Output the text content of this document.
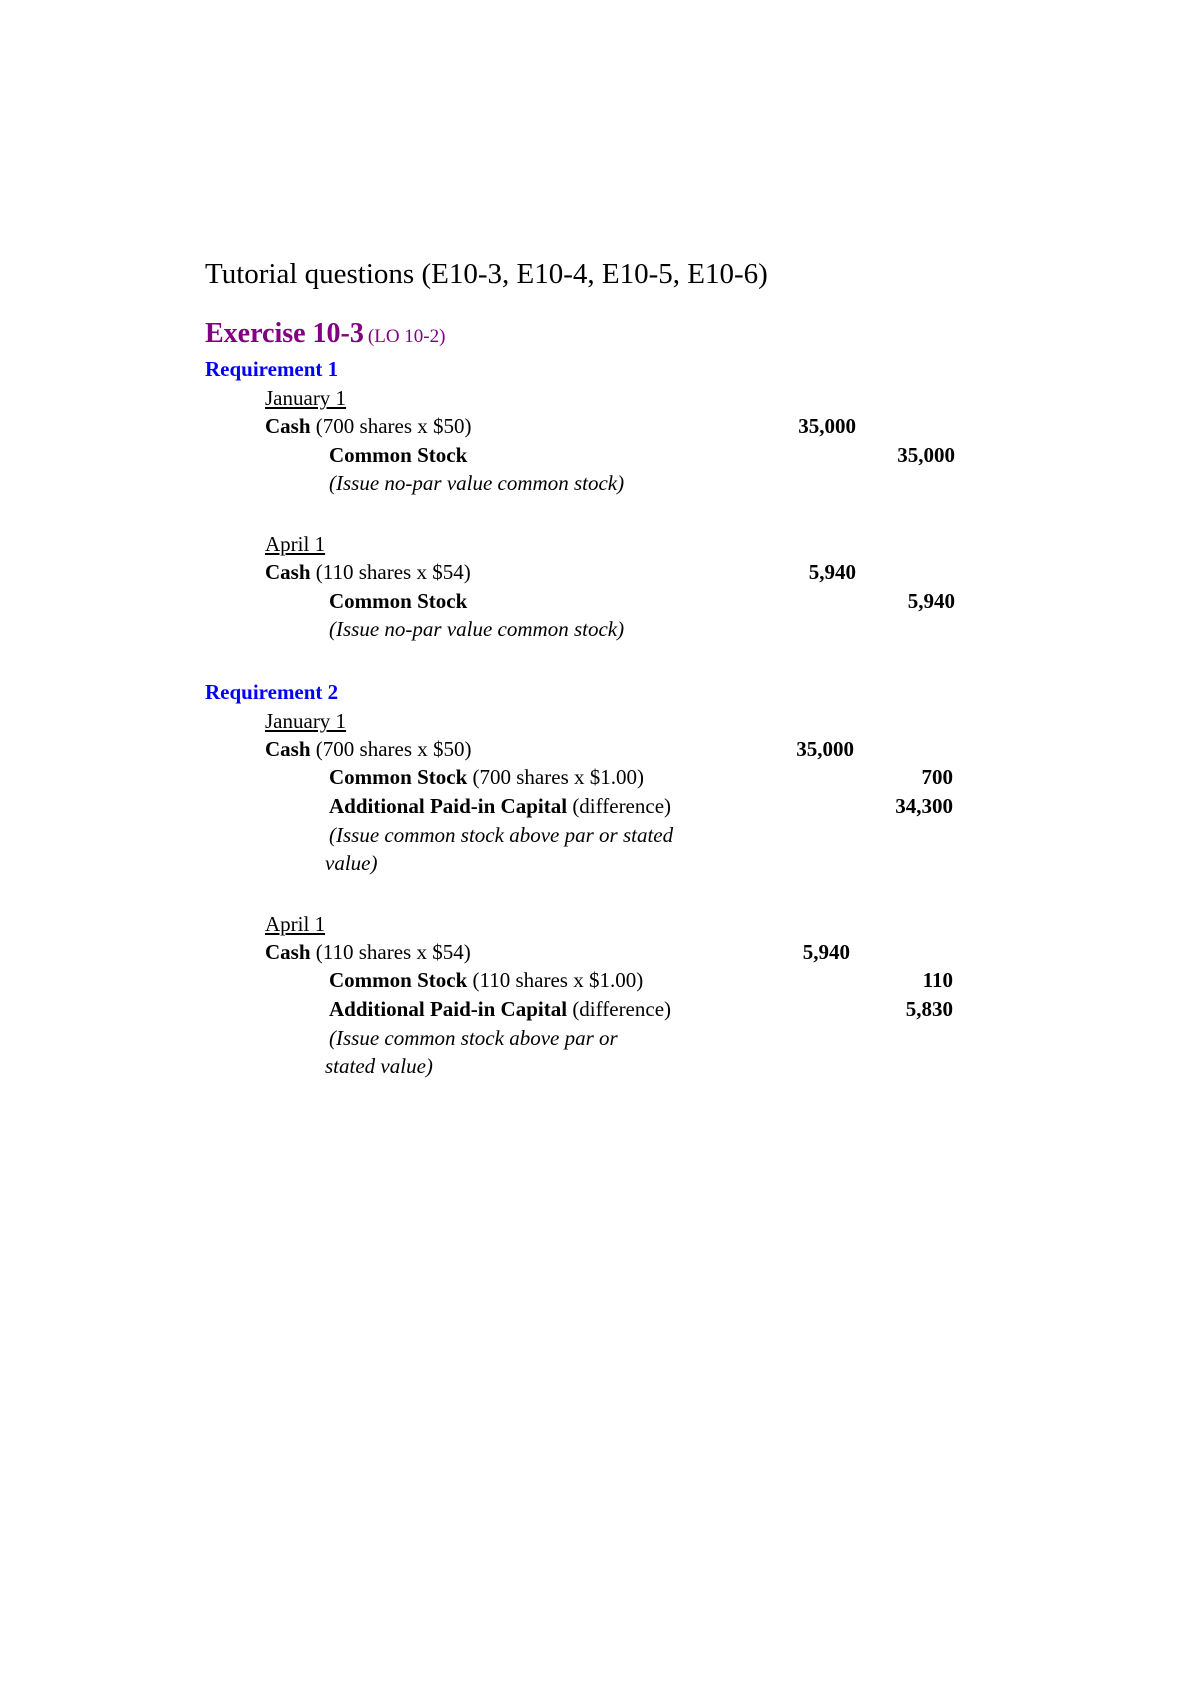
Tutorial questions (E10-3, E10-4, E10-5, E10-6)
Exercise 10-3 (LO 10-2)
Requirement 1
January 1
Cash (700 shares x $50)	35,000
Common Stock	35,000
(Issue no-par value common stock)
April 1
Cash (110 shares x $54)	5,940
Common Stock	5,940
(Issue no-par value common stock)
Requirement 2
January 1
Cash (700 shares x $50)	35,000
Common Stock (700 shares x $1.00)	700
Additional Paid-in Capital (difference)	34,300
(Issue common stock above par or stated
value)
April 1
Cash (110 shares x $54)	5,940
Common Stock (110 shares x $1.00)	110
Additional Paid-in Capital (difference)	5,830
(Issue common stock above par or
stated value)
